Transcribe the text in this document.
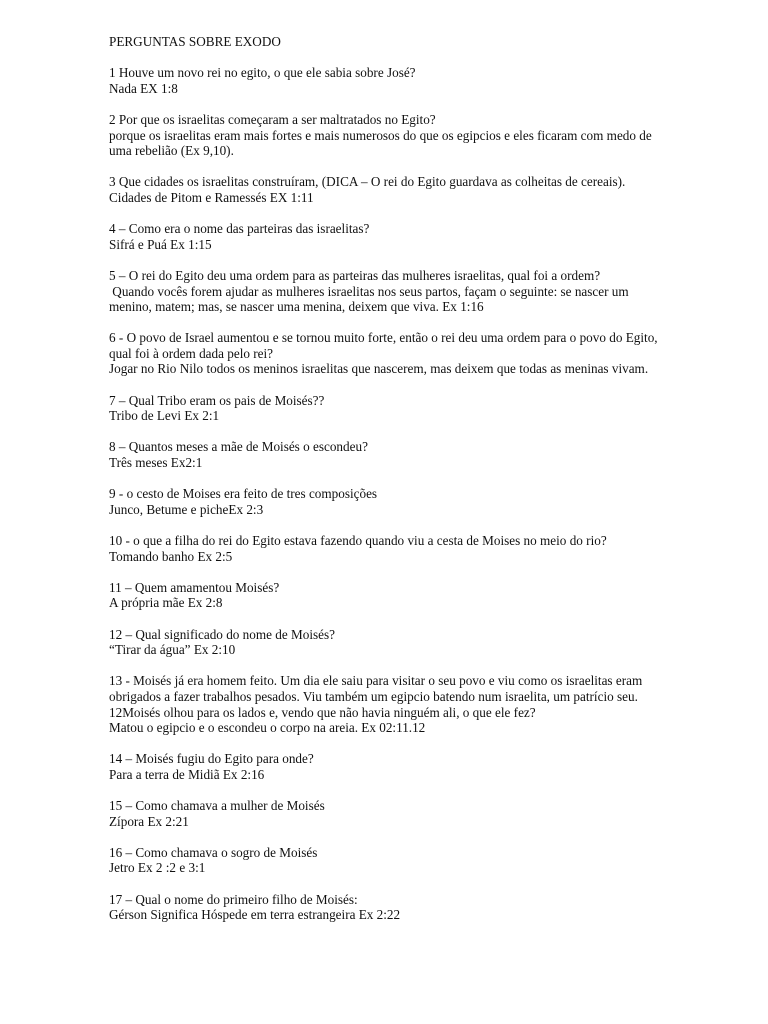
PERGUNTAS SOBRE EXODO
1 Houve um novo rei no egito, o que ele sabia sobre José?
Nada EX 1:8
2 Por que os israelitas começaram a ser maltratados no Egito?
porque os israelitas eram mais fortes e mais numerosos do que os egipcios e eles ficaram com medo de uma rebelião (Ex 9,10).
3 Que cidades os israelitas construíram, (DICA – O rei do Egito guardava as colheitas de cereais).
Cidades de Pitom e Ramessés EX 1:11
4 – Como era o nome das parteiras das israelitas?
Sifrá e Puá Ex 1:15
5 – O rei do Egito deu uma ordem para as parteiras das mulheres israelitas, qual foi a ordem?
Quando vocês forem ajudar as mulheres israelitas nos seus partos, façam o seguinte: se nascer um menino, matem; mas, se nascer uma menina, deixem que viva. Ex 1:16
6 - O povo de Israel aumentou e se tornou muito forte, então o rei deu uma ordem para o povo do Egito, qual foi à ordem dada pelo rei?
Jogar no Rio Nilo todos os meninos israelitas que nascerem, mas deixem que todas as meninas vivam.
7 – Qual Tribo eram os pais de Moisés??
Tribo de Levi Ex 2:1
8 – Quantos meses a mãe de Moisés o escondeu?
Três meses Ex2:1
9 - o cesto de Moises era feito de tres composições
Junco, Betume e picheEx 2:3
10 - o que a filha do rei do Egito estava fazendo quando viu a cesta de Moises no meio do rio?
Tomando banho Ex 2:5
11 – Quem amamentou Moisés?
A própria mãe Ex 2:8
12 – Qual significado do nome de Moisés?
“Tirar da água” Ex 2:10
13 - Moisés já era homem feito. Um dia ele saiu para visitar o seu povo e viu como os israelitas eram obrigados a fazer trabalhos pesados. Viu também um egipcio batendo num israelita, um patrício seu. 12Moisés olhou para os lados e, vendo que não havia ninguém ali, o que ele fez?
Matou o egipcio e o escondeu o corpo na areia. Ex 02:11.12
14 – Moisés fugiu do Egito para onde?
Para a terra de Midiã Ex 2:16
15 – Como chamava a mulher de Moisés
Zípora Ex 2:21
16 – Como chamava o sogro de Moisés
Jetro Ex 2 :2 e 3:1
17 – Qual o nome do primeiro filho de Moisés:
Gérson Significa Hóspede em terra estrangeira Ex 2:22
